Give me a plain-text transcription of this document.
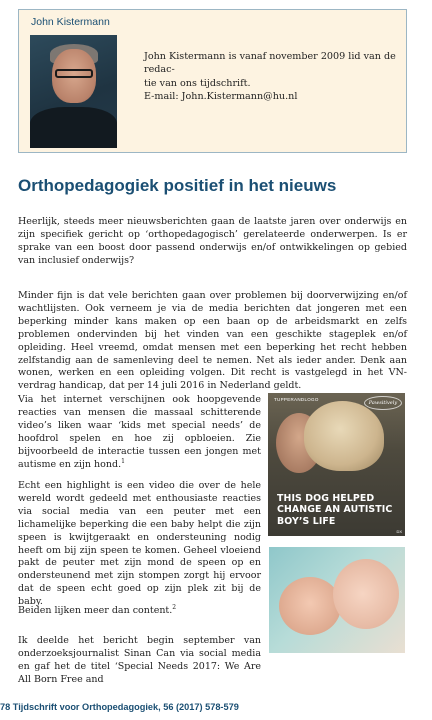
John Kistermann
John Kistermann is vanaf november 2009 lid van de redac-
tie van ons tijdschrift.
E-mail: John.Kistermann@hu.nl
Orthopedagogiek positief in het nieuws

Heerlijk, steeds meer nieuwsberichten gaan de laatste jaren over onderwijs en zijn specifiek gericht op ‘orthopedagogisch’ gerelateerde onderwerpen. Is er sprake van een boost door passend onderwijs en/of ontwikkelingen op gebied van inclusief onderwijs?

Minder fijn is dat vele berichten gaan over problemen bij doorverwijzing en/of wachtlijsten. Ook verneem je via de media berichten dat jongeren met een beperking minder kans maken op een baan op de arbeidsmarkt en zelfs problemen ondervinden bij het vinden van een geschikte stageplek en/of opleiding. Heel vreemd, omdat mensen met een beperking het recht hebben zelfstandig aan de samenleving deel te nemen. Net als ieder ander. Denk aan wonen, werken en een opleiding volgen. Dit recht is vastgelegd in het VN-verdrag handicap, dat per 14 juli 2016 in Nederland geldt.

Via het internet verschijnen ook hoopgevende reacties van mensen die massaal schitterende video’s liken waar ‘kids met special needs’ de hoofdrol spelen en hoe zij opbloeien. Zie bijvoorbeeld de interactie tussen een jongen met autisme en zijn hond.$^1$

Echt een highlight is een video die over de hele wereld wordt gedeeld met enthousiaste reacties via social media van een peuter met een lichamelijke beperking die een baby helpt die zijn speen is kwijtgeraakt en ondersteuning nodig heeft om bij zijn speen te komen. Geheel vloeiend pakt de peuter met zijn mond de speen op en ondersteunend met zijn stompen zorgt hij ervoor dat de speen echt goed op zijn plek zit bij de baby.

Beiden lijken meer dan content.$^2$

Ik deelde het bericht begin september van onderzoeksjournalist Sinan Can via social media en gaf het de titel ‘Special Needs 2017: We Are All Born Free and

TUPPERANDLOGO
Pawsitively
THIS DOG HELPED CHANGE AN AUTISTIC BOY’S LIFE
DX
78 Tijdschrift voor Orthopedagogiek, 56 (2017) 578-579
